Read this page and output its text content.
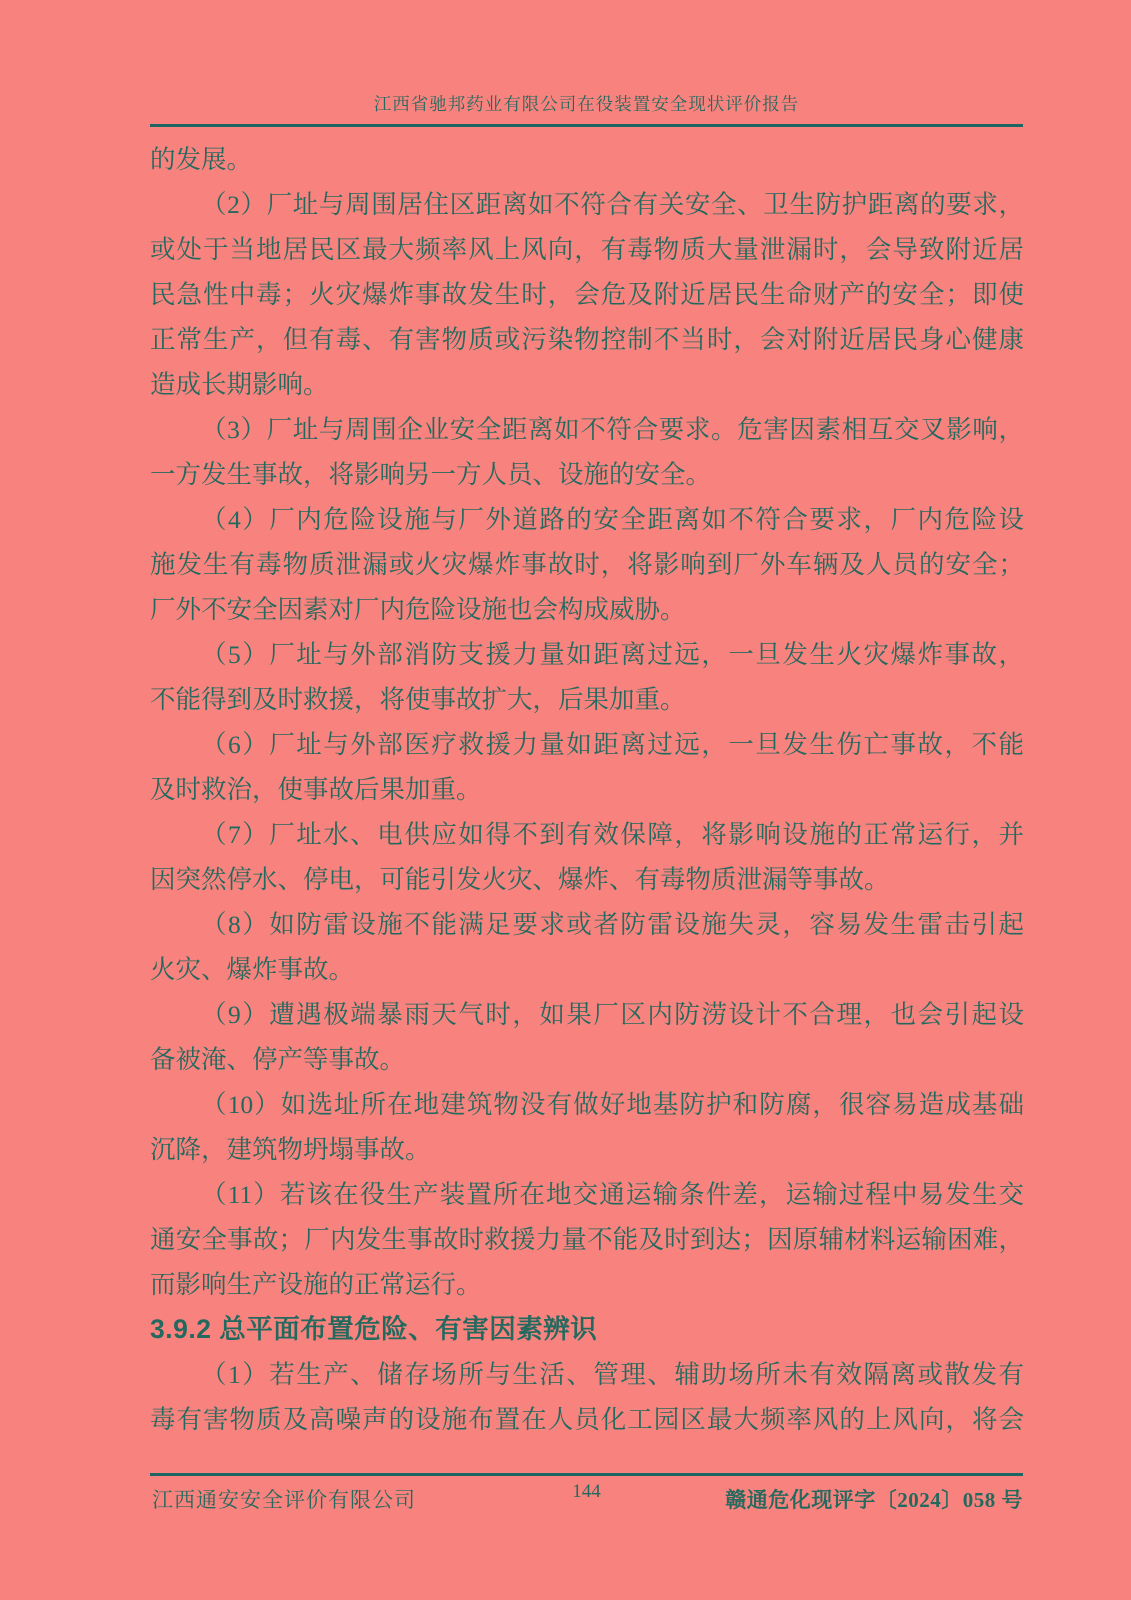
江西省驰邦药业有限公司在役装置安全现状评价报告
的发展。
（2）厂址与周围居住区距离如不符合有关安全、卫生防护距离的要求，
或处于当地居民区最大频率风上风向，有毒物质大量泄漏时，会导致附近居
民急性中毒；火灾爆炸事故发生时，会危及附近居民生命财产的安全；即使
正常生产，但有毒、有害物质或污染物控制不当时，会对附近居民身心健康
造成长期影响。
（3）厂址与周围企业安全距离如不符合要求。危害因素相互交叉影响，
一方发生事故，将影响另一方人员、设施的安全。
（4）厂内危险设施与厂外道路的安全距离如不符合要求，厂内危险设
施发生有毒物质泄漏或火灾爆炸事故时，将影响到厂外车辆及人员的安全；
厂外不安全因素对厂内危险设施也会构成威胁。
（5）厂址与外部消防支援力量如距离过远，一旦发生火灾爆炸事故，
不能得到及时救援，将使事故扩大，后果加重。
（6）厂址与外部医疗救援力量如距离过远，一旦发生伤亡事故，不能
及时救治，使事故后果加重。
（7）厂址水、电供应如得不到有效保障，将影响设施的正常运行，并
因突然停水、停电，可能引发火灾、爆炸、有毒物质泄漏等事故。
（8）如防雷设施不能满足要求或者防雷设施失灵，容易发生雷击引起
火灾、爆炸事故。
（9）遭遇极端暴雨天气时，如果厂区内防涝设计不合理，也会引起设
备被淹、停产等事故。
（10）如选址所在地建筑物没有做好地基防护和防腐，很容易造成基础
沉降，建筑物坍塌事故。
（11）若该在役生产装置所在地交通运输条件差，运输过程中易发生交
通安全事故；厂内发生事故时救援力量不能及时到达；因原辅材料运输困难，
而影响生产设施的正常运行。
3.9.2 总平面布置危险、有害因素辨识
（1）若生产、储存场所与生活、管理、辅助场所未有效隔离或散发有
毒有害物质及高噪声的设施布置在人员化工园区最大频率风的上风向，将会
江西通安安全评价有限公司	144	赣通危化现评字〔2024〕058 号
